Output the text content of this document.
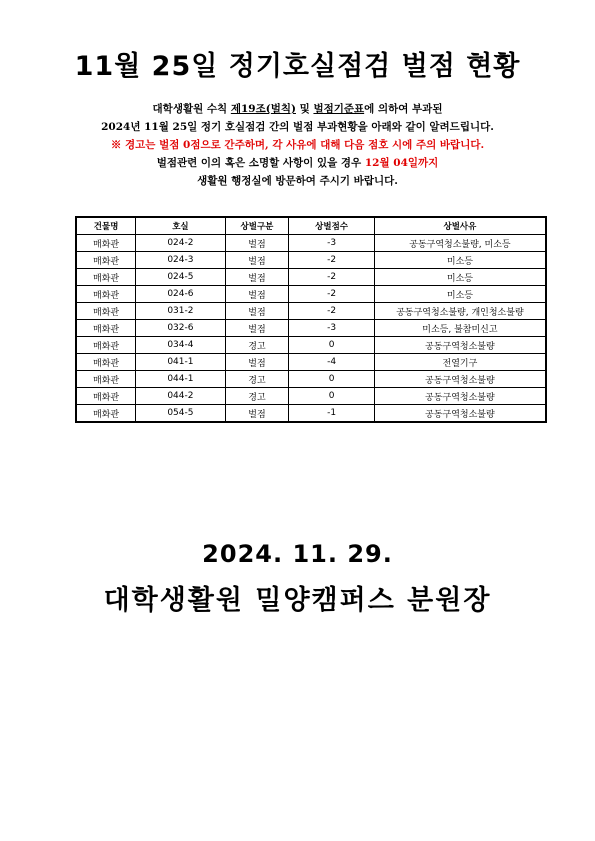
11월 25일 정기호실점검 벌점 현황
대학생활원 수칙 제19조(벌칙) 및 벌점기준표에 의하여 부과된
2024년 11월 25일 정기 호실점검 간의 벌점 부과현황을 아래와 같이 알려드립니다.
※ 경고는 벌점 0점으로 간주하며, 각 사유에 대해 다음 점호 시에 주의 바랍니다.
벌점관련 이의 혹은 소명할 사항이 있을 경우 12월 04일까지
생활원 행정실에 방문하여 주시기 바랍니다.
건물명	호실	상벌구분	상벌점수	상벌사유
매화관	024-2	벌점	-3	공동구역청소불량, 미소등
매화관	024-3	벌점	-2	미소등
매화관	024-5	벌점	-2	미소등
매화관	024-6	벌점	-2	미소등
매화관	031-2	벌점	-2	공동구역청소불량, 개인청소불량
매화관	032-6	벌점	-3	미소등, 불참미신고
매화관	034-4	경고	0	공동구역청소불량
매화관	041-1	벌점	-4	전열기구
매화관	044-1	경고	0	공동구역청소불량
매화관	044-2	경고	0	공동구역청소불량
매화관	054-5	벌점	-1	공동구역청소불량
2024. 11. 29.
대학생활원 밀양캠퍼스 분원장
